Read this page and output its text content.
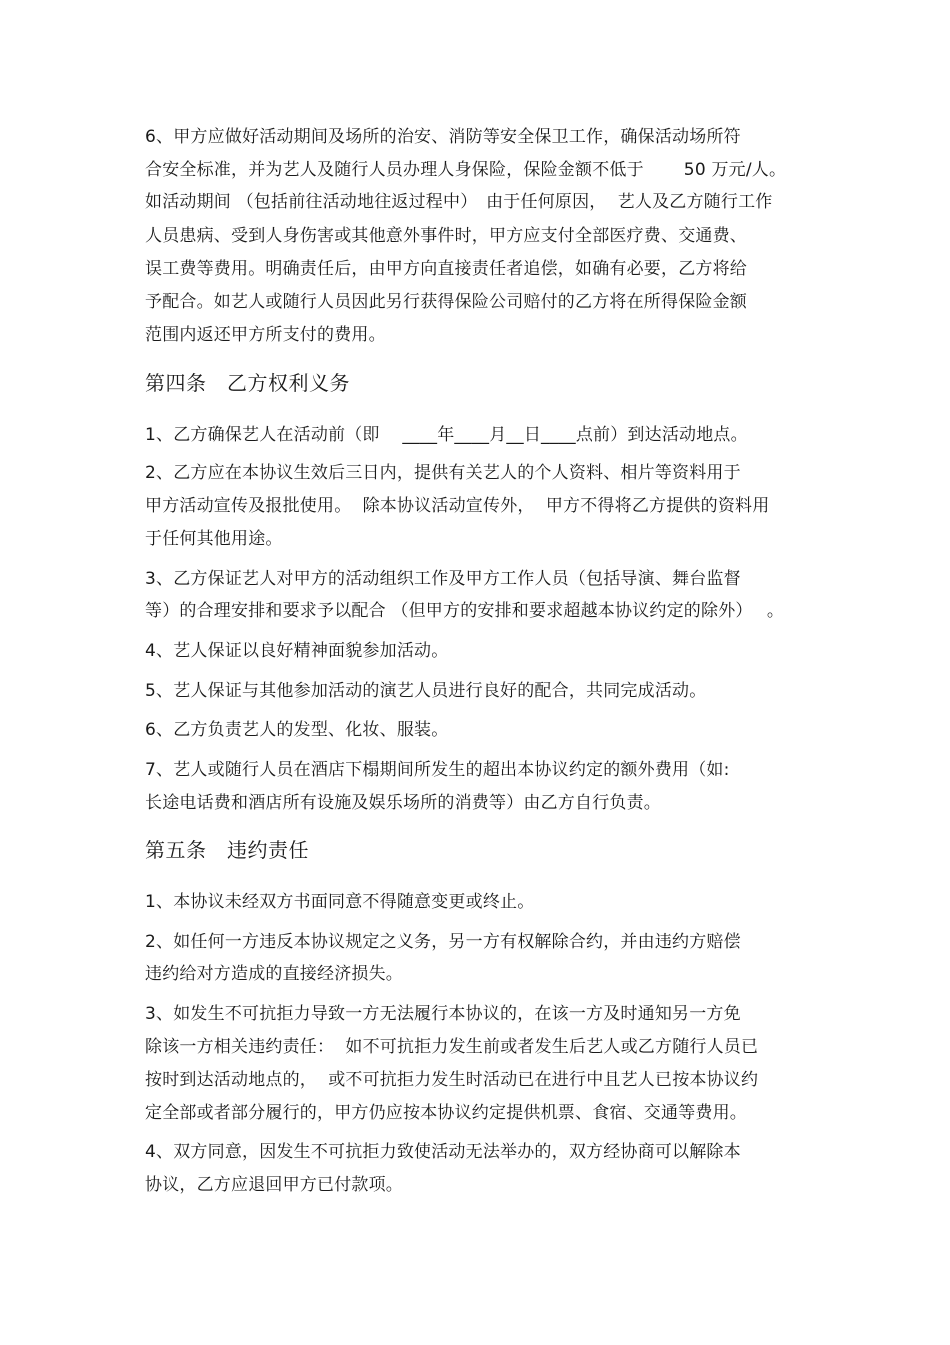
6、甲方应做好活动期间及场所的治安、消防等安全保卫工作，确保活动场所符
合安全标准，并为艺人及随行人员办理人身保险，保险金额不低于　　 50 万元/人。
如活动期间 （包括前往活动地往返过程中）　由于任何原因，  艺人及乙方随行工作
人员患病、受到人身伤害或其他意外事件时，甲方应支付全部医疗费、交通费、
误工费等费用。明确责任后，由甲方向直接责任者追偿，如确有必要，乙方将给
予配合。如艺人或随行人员因此另行获得保险公司赔付的乙方将在所得保险金额
范围内返还甲方所支付的费用。
第四条　乙方权利义务
1、乙方确保艺人在活动前（即　 ____年____月__日____点前）到达活动地点。
2、乙方应在本协议生效后三日内，提供有关艺人的个人资料、相片等资料用于
甲方活动宣传及报批使用。  除本协议活动宣传外，  甲方不得将乙方提供的资料用
于任何其他用途。
3、乙方保证艺人对甲方的活动组织工作及甲方工作人员（包括导演、舞台监督
等）的合理安排和要求予以配合 （但甲方的安排和要求超越本协议约定的除外）　 。
4、艺人保证以良好精神面貌参加活动。
5、艺人保证与其他参加活动的演艺人员进行良好的配合，共同完成活动。
6、乙方负责艺人的发型、化妆、服装。
7、艺人或随行人员在酒店下榻期间所发生的超出本协议约定的额外费用（如:
长途电话费和酒店所有设施及娱乐场所的消费等）由乙方自行负责。
第五条　违约责任
1、本协议未经双方书面同意不得随意变更或终止。
2、如任何一方违反本协议规定之义务，另一方有权解除合约，并由违约方赔偿
违约给对方造成的直接经济损失。
3、如发生不可抗拒力导致一方无法履行本协议的，在该一方及时通知另一方免
除该一方相关违约责任：  如不可抗拒力发生前或者发生后艺人或乙方随行人员已
按时到达活动地点的，  或不可抗拒力发生时活动已在进行中且艺人已按本协议约
定全部或者部分履行的，甲方仍应按本协议约定提供机票、食宿、交通等费用。
4、双方同意，因发生不可抗拒力致使活动无法举办的，双方经协商可以解除本
协议，乙方应退回甲方已付款项。
